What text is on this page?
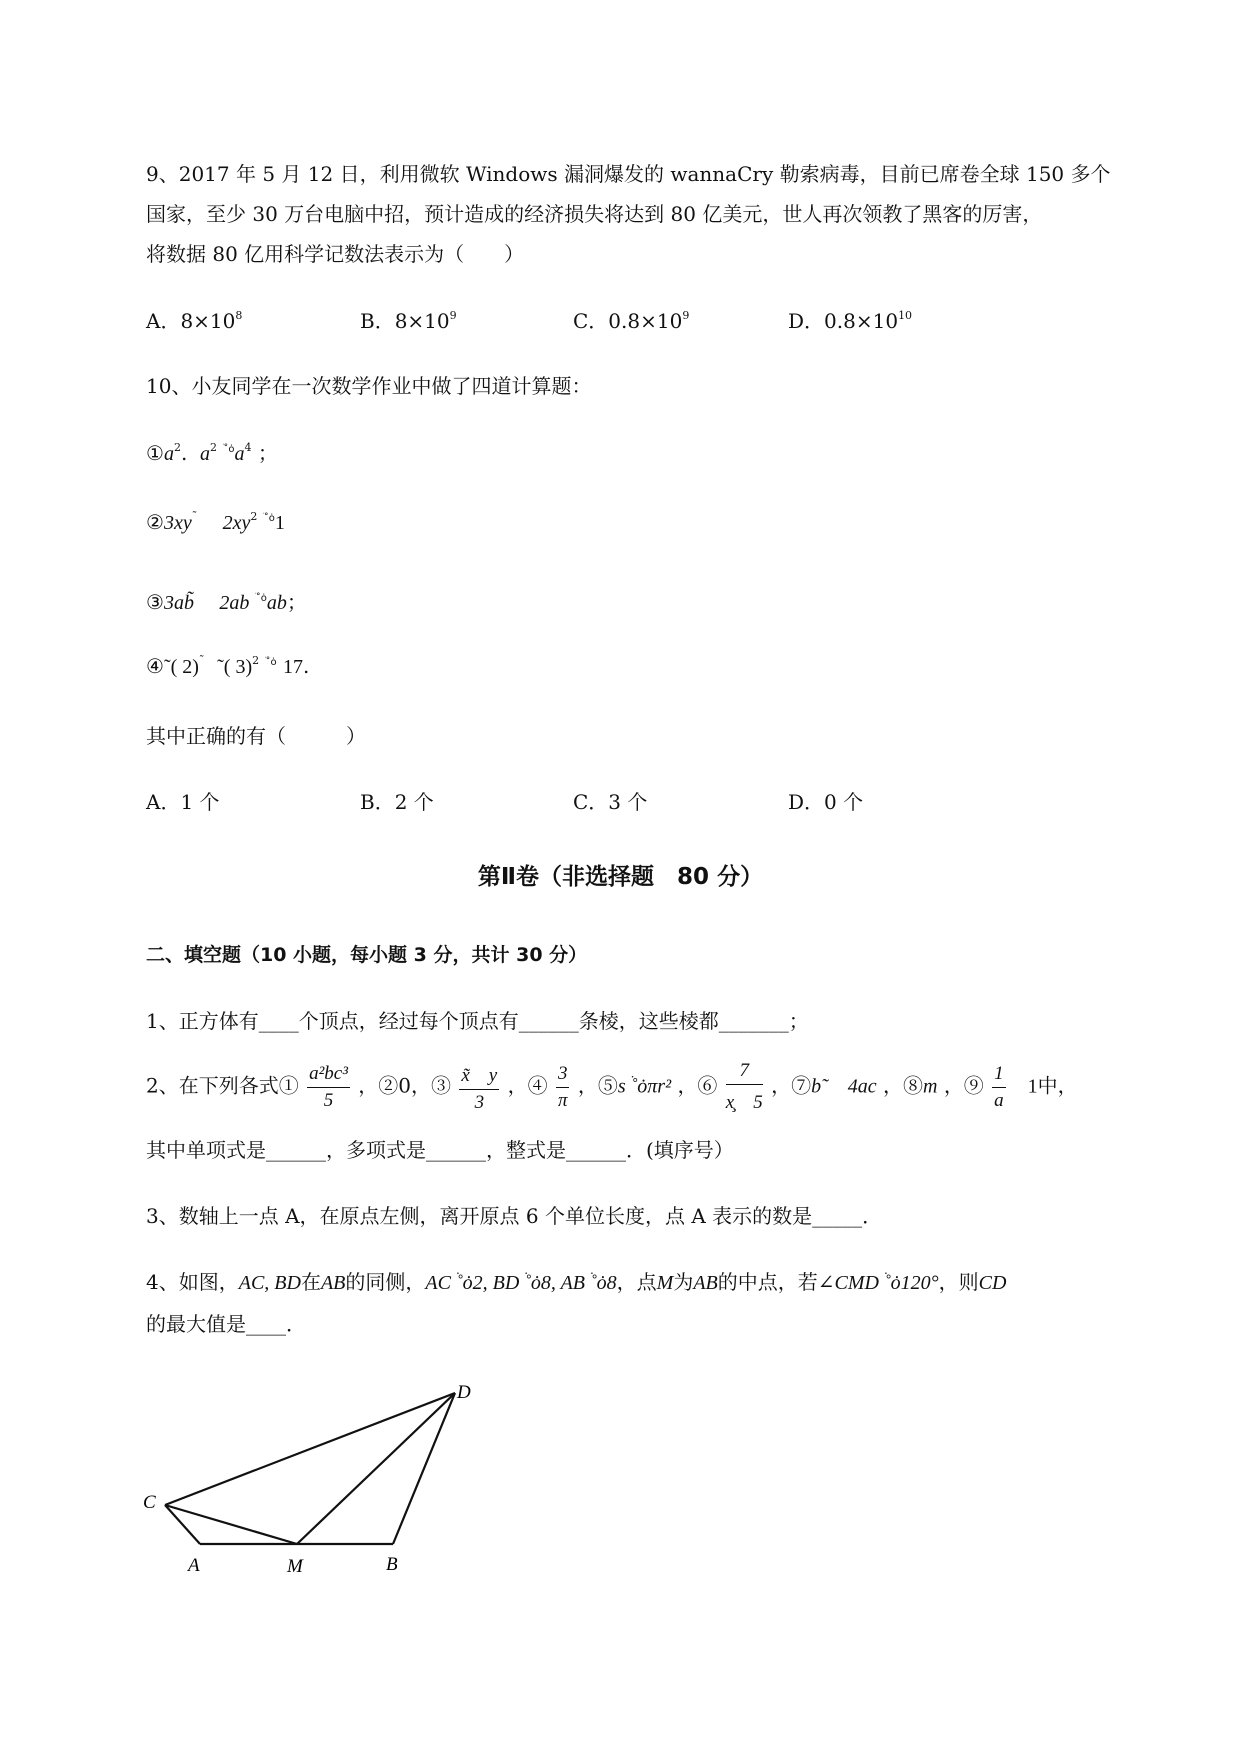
9、2017 年 5 月 12 日，利用微软 Windows 漏洞爆发的 wannaCry 勒索病毒，目前已席卷全球 150 多个
国家，至少 30 万台电脑中招，预计造成的经济损失将达到 80 亿美元，世人再次领教了黑客的厉害，
将数据 80 亿用科学记数法表示为（　　）
A．$8\times 10^8$	B．$8\times 10^9$	C．$0.8\times 10^9$	D．$0.8\times 10^{10}$
10、小友同学在一次数学作业中做了四道计算题：
$①a^2$. $a^2$ $^{ׄ˚ȯ}a^4$ ；
②3xy˜ $2xy^2$ $^{ׄ˚ȯ}$1
③3ab̃ 2ab $^{ׄ˚ȯ}$ab；
④˜( 2)˜ ˜( 3)$^2$ $^{ׄ˚ȯ}$ 17.
其中正确的有（　　　）
A．1 个	B．2 个	C．3 个	D．0 个
第Ⅱ卷（非选择题　80 分）
二、填空题（10 小题，每小题 3 分，共计 30 分）
1、正方体有____个顶点，经过每个顶点有______条棱，这些棱都_______；
2、在下列各式① $\frac{\text{a²bc³}}{5}$ ，②0，③ $\frac{x̃ y}{3}$ ，④ $\frac{3}{\pi}$ ，⑤s ׄ˚ȯπr² ，⑥ $\frac{7}{x̧ 5}$ ，⑦b˜　4ac ，⑧m ，⑨ $\frac{1}{a}$ 　1中，
其中单项式是______，多项式是______，整式是______．(填序号）
3、数轴上一点 A，在原点左侧，离开原点 6 个单位长度，点 A 表示的数是_____．
4、如图，AC, BD在AB的同侧，AC ׄ˚ȯ2, BD ׄ˚ȯ8, AB ׄ˚ȯ8，点M为AB的中点，若∠CMD ׄ˚ȯ120°，则CD
的最大值是____．
C
A	M	B
D
